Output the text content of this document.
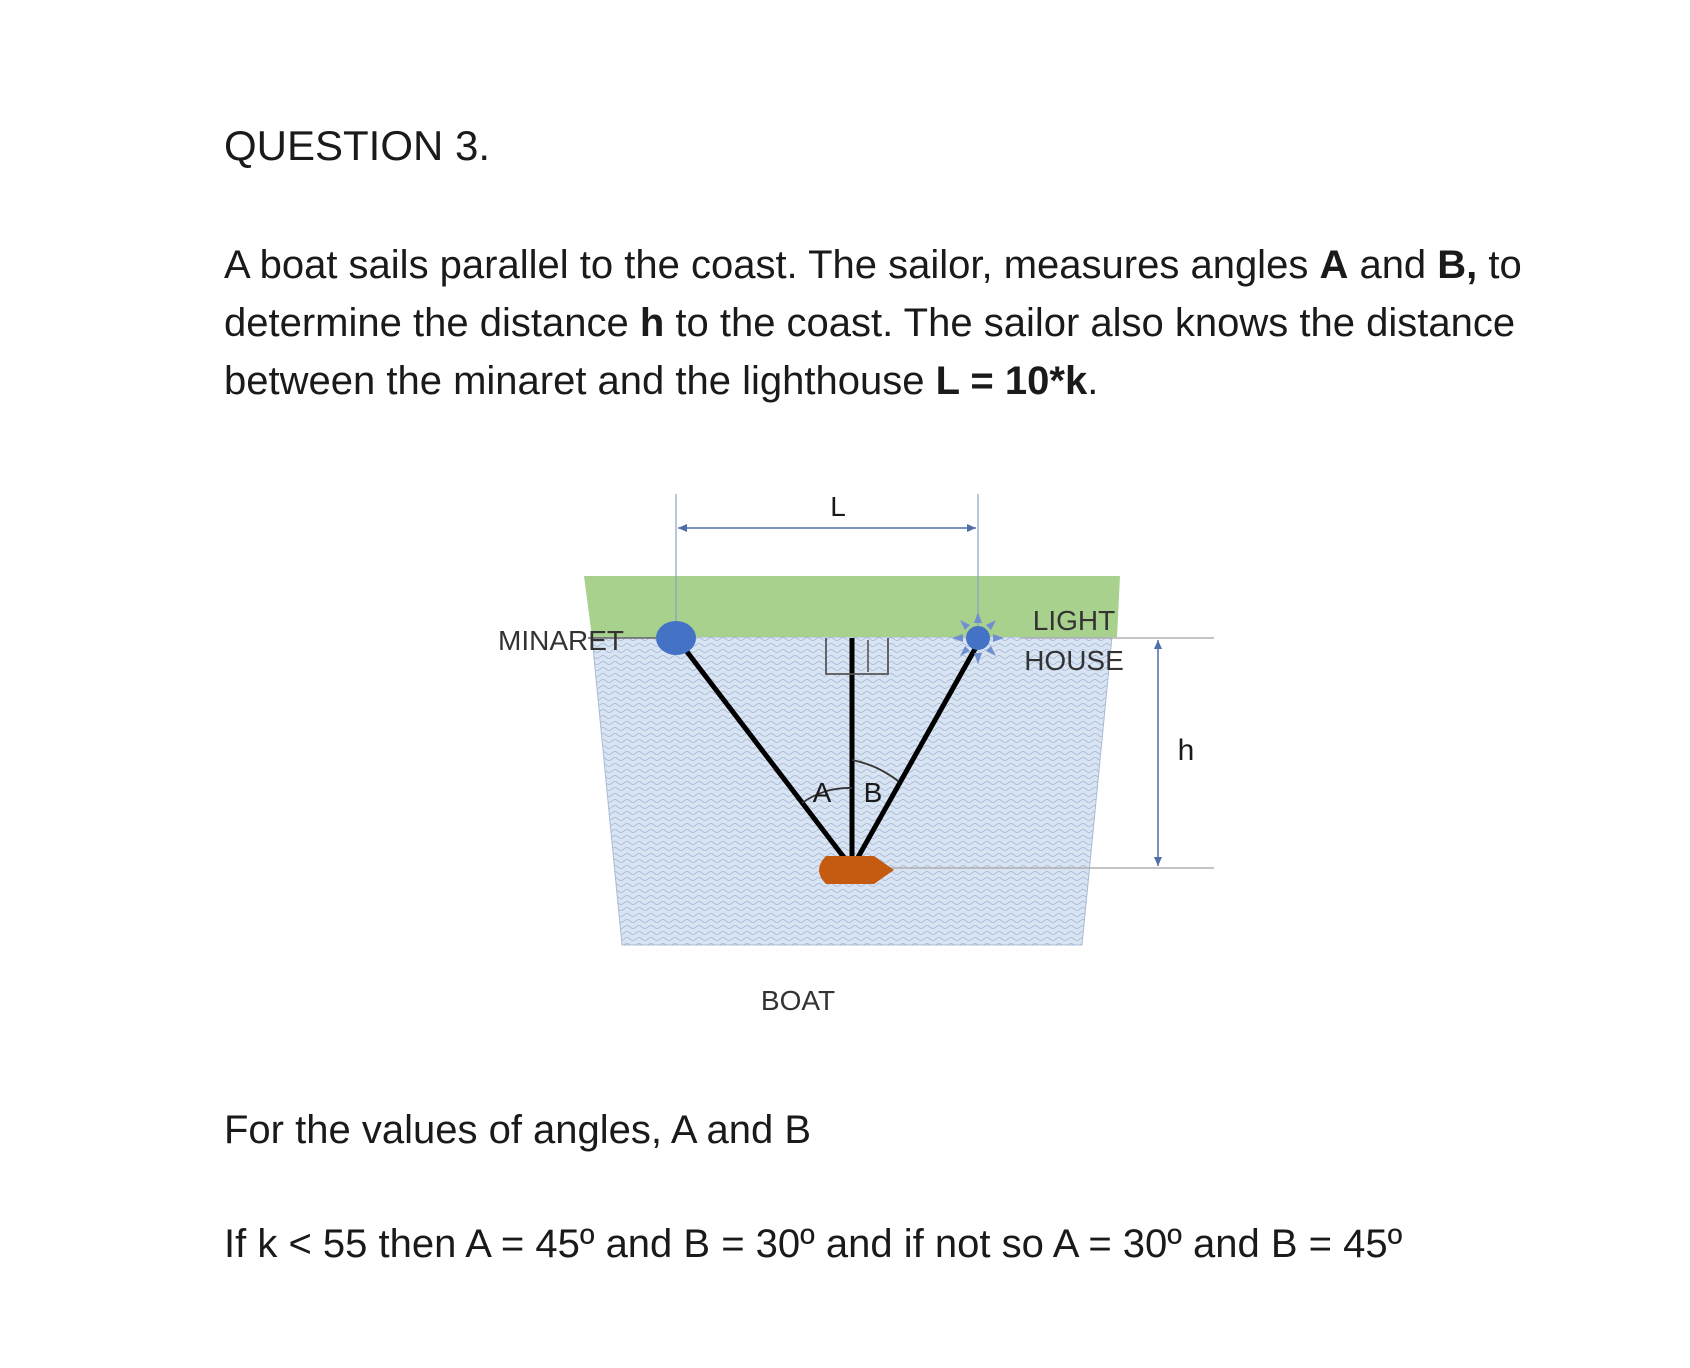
QUESTION 3.

A boat sails parallel to the coast. The sailor, measures angles A and B, to determine the distance h to the coast. The sailor also knows the distance between the minaret and the lighthouse L = 10*k.

L
h
A B
MINARET
LIGHT
HOUSE
BOAT

For the values of angles, A and B

If k < 55 then A = 45º and B = 30º and if not so A = 30º and B = 45º
